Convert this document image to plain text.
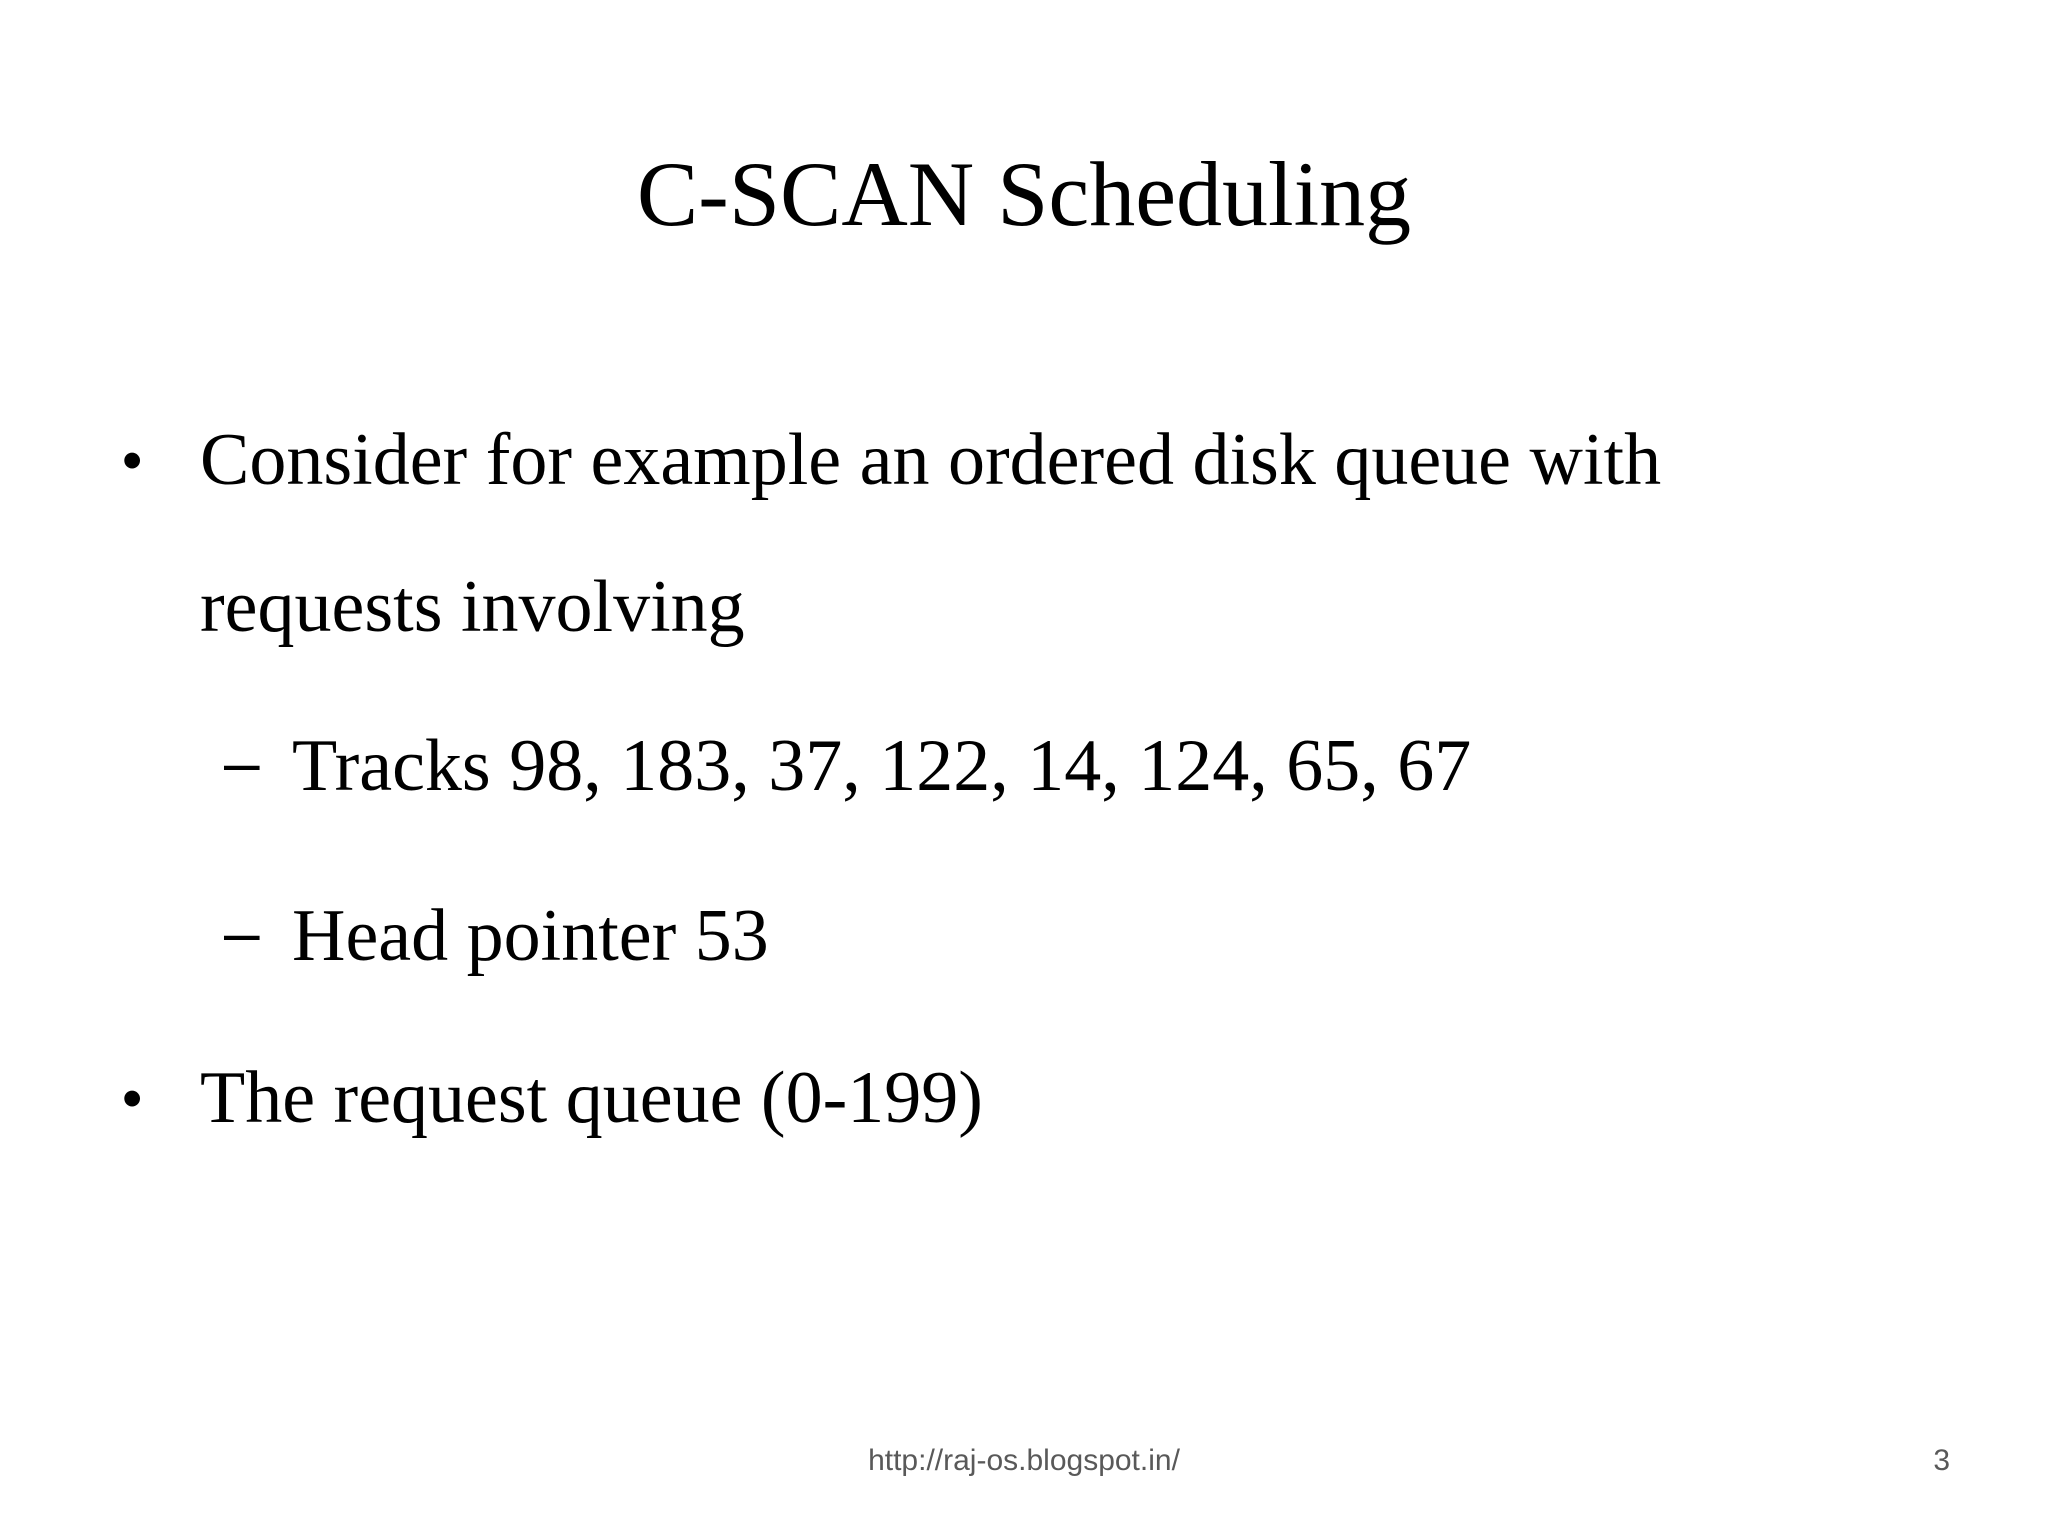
C-SCAN Scheduling
• Consider for example an ordered disk queue with
requests involving
– Tracks 98, 183, 37, 122, 14, 124, 65, 67
– Head pointer 53
• The request queue (0-199)
http://raj-os.blogspot.in/	3
